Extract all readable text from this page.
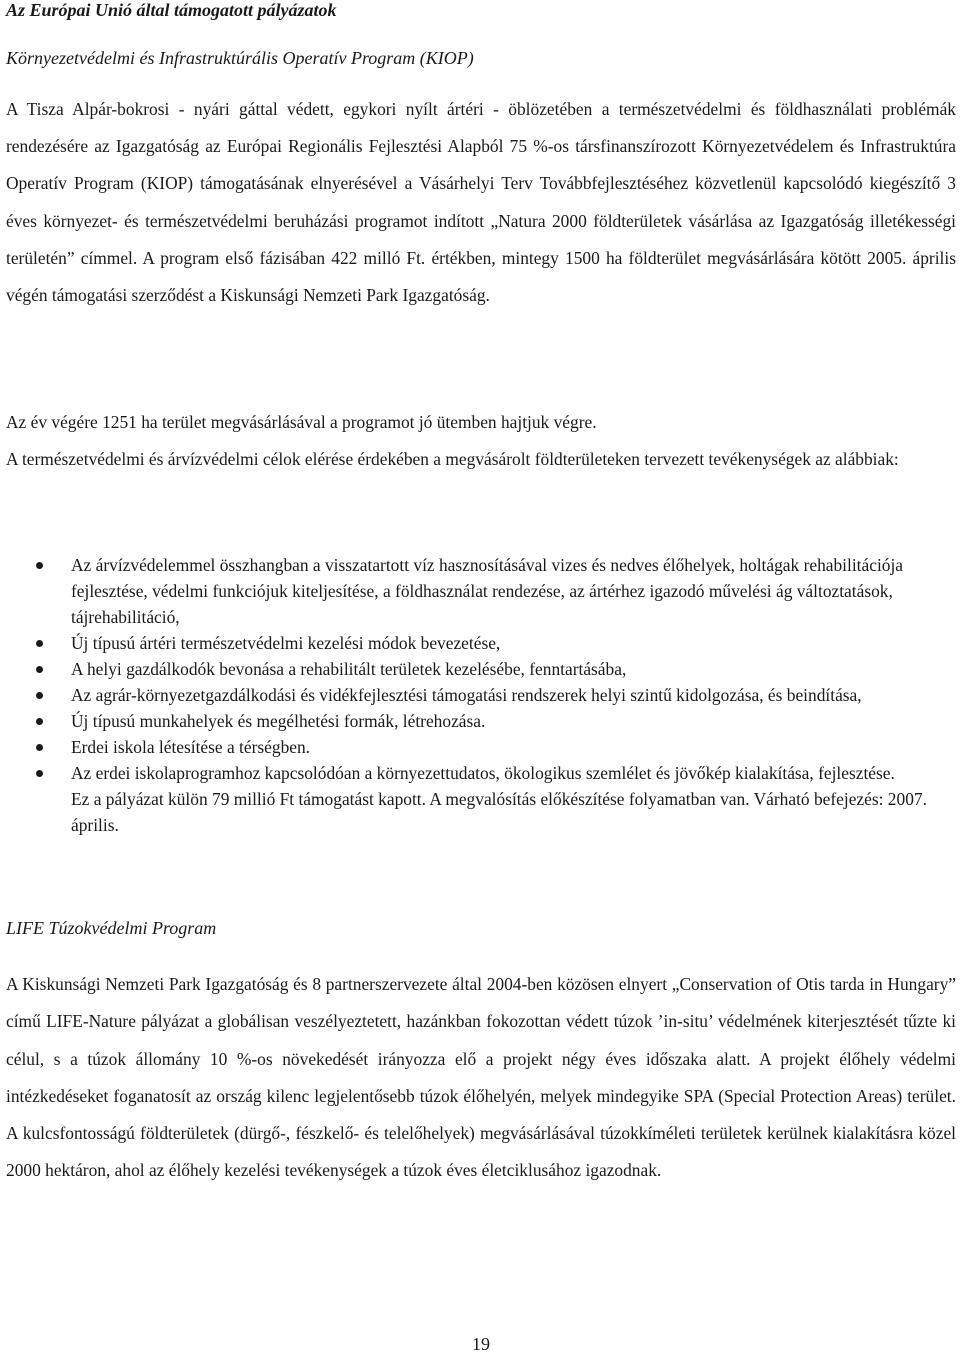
Az Európai Unió által támogatott pályázatok
Környezetvédelmi és Infrastruktúrális Operatív Program (KIOP)

A Tisza Alpár-bokrosi - nyári gáttal védett, egykori nyílt ártéri - öblözetében a természetvédelmi és földhasználati problémák rendezésére az Igazgatóság az Európai Regionális Fejlesztési Alapból 75 %-os társfinanszírozott Környezetvédelem és Infrastruktúra Operatív Program (KIOP) támogatásának elnyerésével a Vásárhelyi Terv Továbbfejlesztéséhez közvetlenül kapcsolódó kiegészítő 3 éves környezet- és természetvédelmi beruházási programot indított „Natura 2000 földterületek vásárlása az Igazgatóság illetékességi területén” címmel. A program első fázisában 422 milló Ft. értékben, mintegy 1500 ha földterület megvásárlására kötött 2005. április végén támogatási szerződést a Kiskunsági Nemzeti Park Igazgatóság.

Az év végére 1251 ha terület megvásárlásával a programot jó ütemben hajtjuk végre.

A természetvédelmi és árvízvédelmi célok elérése érdekében a megvásárolt földterületeken tervezett tevékenységek az alábbiak:

Az árvízvédelemmel összhangban a visszatartott víz hasznosításával vizes és nedves élőhelyek, holtágak rehabilitációja fejlesztése, védelmi funkciójuk kiteljesítése, a földhasználat rendezése, az ártérhez igazodó művelési ág változtatások, tájrehabilitáció,
Új típusú ártéri természetvédelmi kezelési módok bevezetése,
A helyi gazdálkodók bevonása a rehabilitált területek kezelésébe, fenntartásába,
Az agrár-környezetgazdálkodási és vidékfejlesztési támogatási rendszerek helyi szintű kidolgozása, és beindítása,
Új típusú munkahelyek és megélhetési formák, létrehozása.
Erdei iskola létesítése a térségben.
Az erdei iskolaprogramhoz kapcsolódóan a környezettudatos, ökologikus szemlélet és jövőkép kialakítása, fejlesztése.

Ez a pályázat külön 79 millió Ft támogatást kapott. A megvalósítás előkészítése folyamatban van. Várható befejezés: 2007. április.

LIFE Túzokvédelmi Program

A Kiskunsági Nemzeti Park Igazgatóság és 8 partnerszervezete által 2004-ben közösen elnyert „Conservation of Otis tarda in Hungary” című LIFE-Nature pályázat a globálisan veszélyeztetett, hazánkban fokozottan védett túzok ’in-situ’ védelmének kiterjesztését tűzte ki célul, s a túzok állomány 10 %-os növekedését irányozza elő a projekt négy éves időszaka alatt. A projekt élőhely védelmi intézkedéseket foganatosít az ország kilenc legjelentősebb túzok élőhelyén, melyek mindegyike SPA (Special Protection Areas) terület. A kulcsfontosságú földterületek (dürgő-, fészkelő- és telelőhelyek) megvásárlásával túzokkíméleti területek kerülnek kialakításra közel 2000 hektáron, ahol az élőhely kezelési tevékenységek a túzok éves életciklusához igazodnak.

19
